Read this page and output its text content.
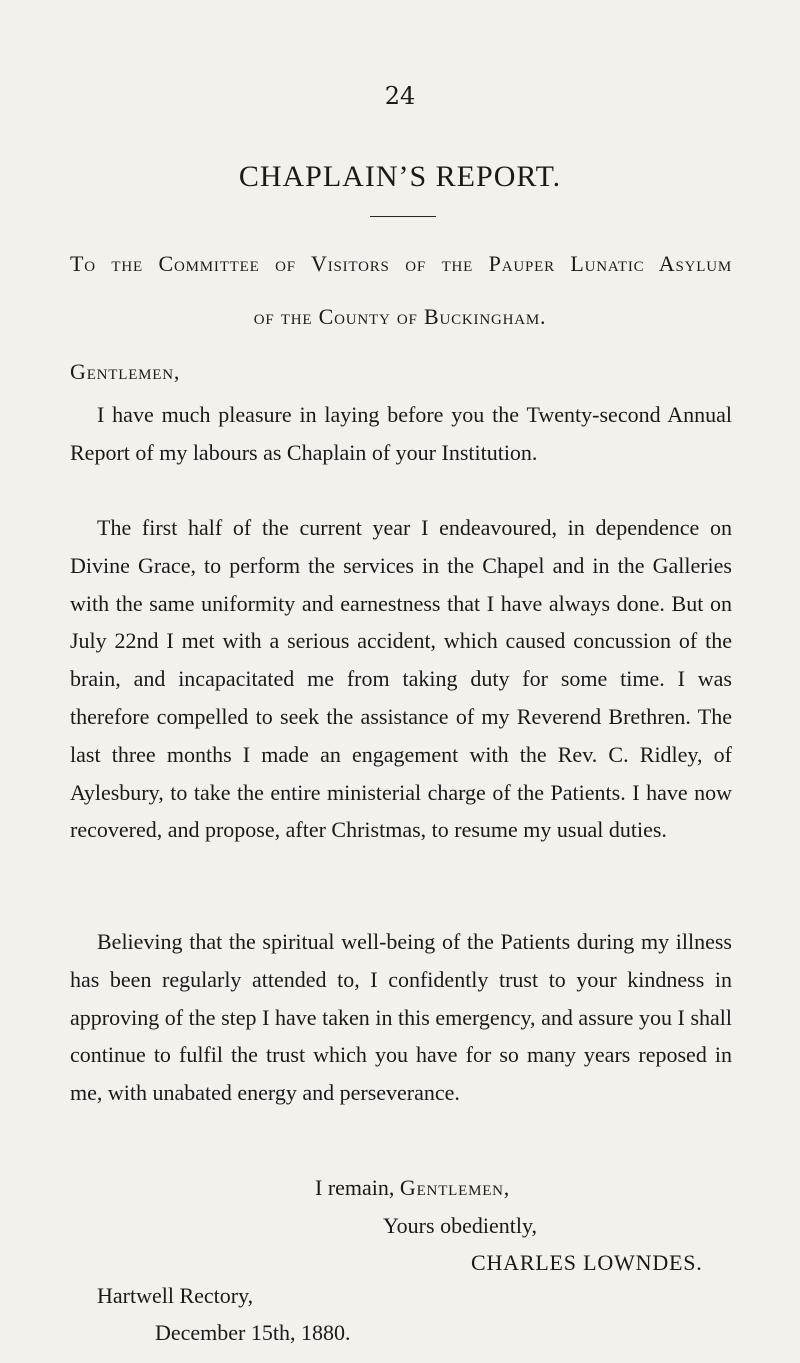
24
CHAPLAIN’S REPORT.
To the Committee of Visitors of the Pauper Lunatic Asylum
of the County of Buckingham.
Gentlemen,

I have much pleasure in laying before you the Twenty-second Annual Report of my labours as Chaplain of your Institution.

The first half of the current year I endeavoured, in dependence on Divine Grace, to perform the services in the Chapel and in the Galleries with the same uniformity and earnestness that I have always done. But on July 22nd I met with a serious accident, which caused concussion of the brain, and incapacitated me from taking duty for some time. I was therefore compelled to seek the assistance of my Reverend Brethren. The last three months I made an engagement with the Rev. C. Ridley, of Aylesbury, to take the entire ministerial charge of the Patients. I have now recovered, and propose, after Christmas, to resume my usual duties.

Believing that the spiritual well-being of the Patients during my illness has been regularly attended to, I confidently trust to your kindness in approving of the step I have taken in this emergency, and assure you I shall continue to fulfil the trust which you have for so many years reposed in me, with unabated energy and perseverance.

I remain, Gentlemen,
Yours obediently,
CHARLES LOWNDES.
Hartwell Rectory,
December 15th, 1880.
